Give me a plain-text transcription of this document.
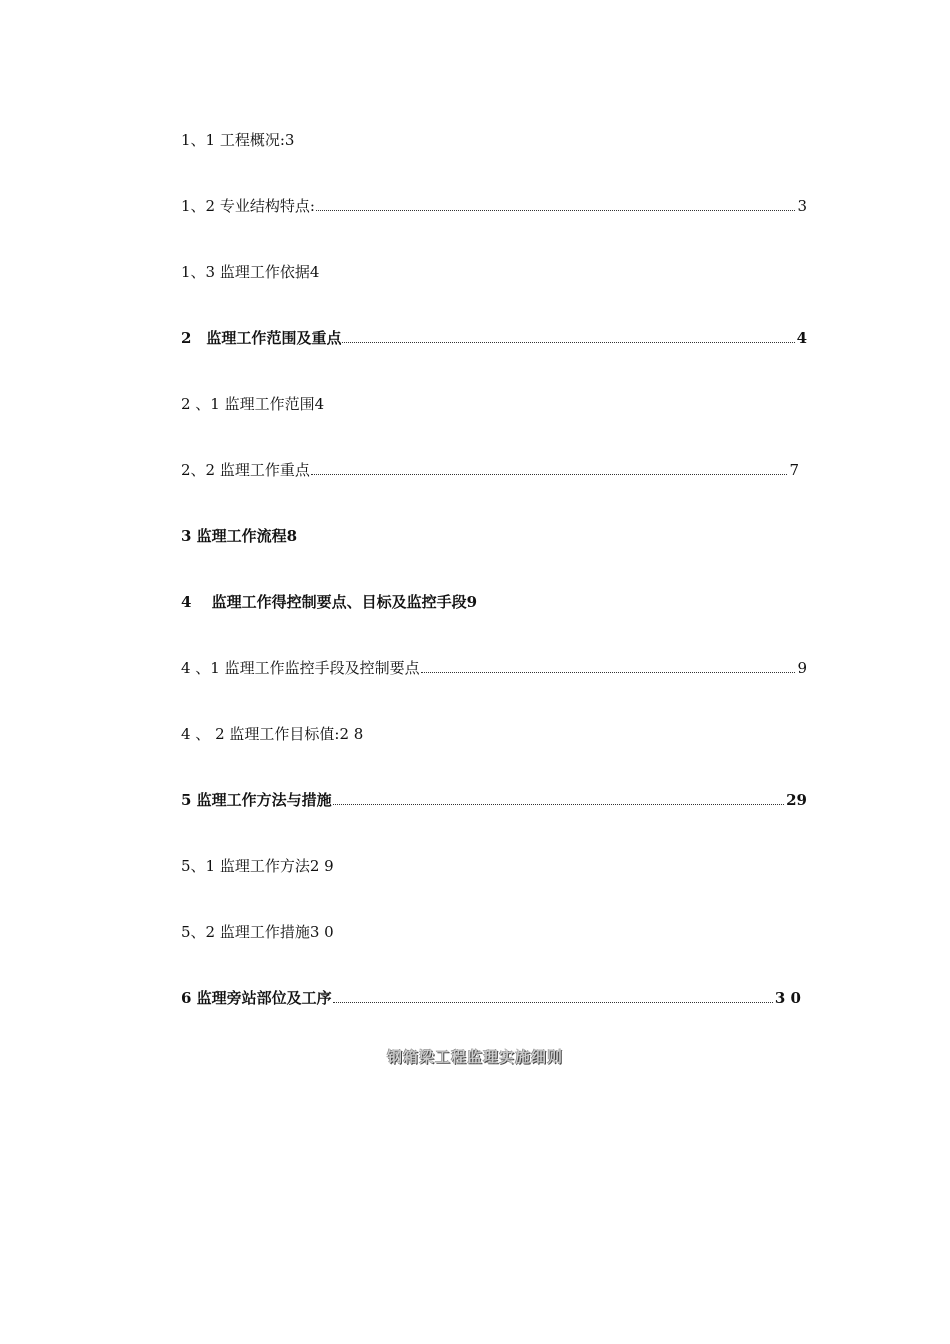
1、1 工程概况: 3
1、2 专业结构特点:	3
1、3 监理工作依据 4
2　监理工作范围及重点	4
2 、1 监理工作范围 4
2、2 监理工作重点	7
3 监理工作流程 8
4　 监理工作得控制要点、目标及监控手段 9
4 、1 监理工作监控手段及控制要点	9
4 、 2 监理工作目标值: 2 8
5 监理工作方法与措施	29
5、1 监理工作方法 2 9
5、2 监理工作措施 3 0
6 监理旁站部位及工序	3 0
钢箱梁工程监理实施细则
